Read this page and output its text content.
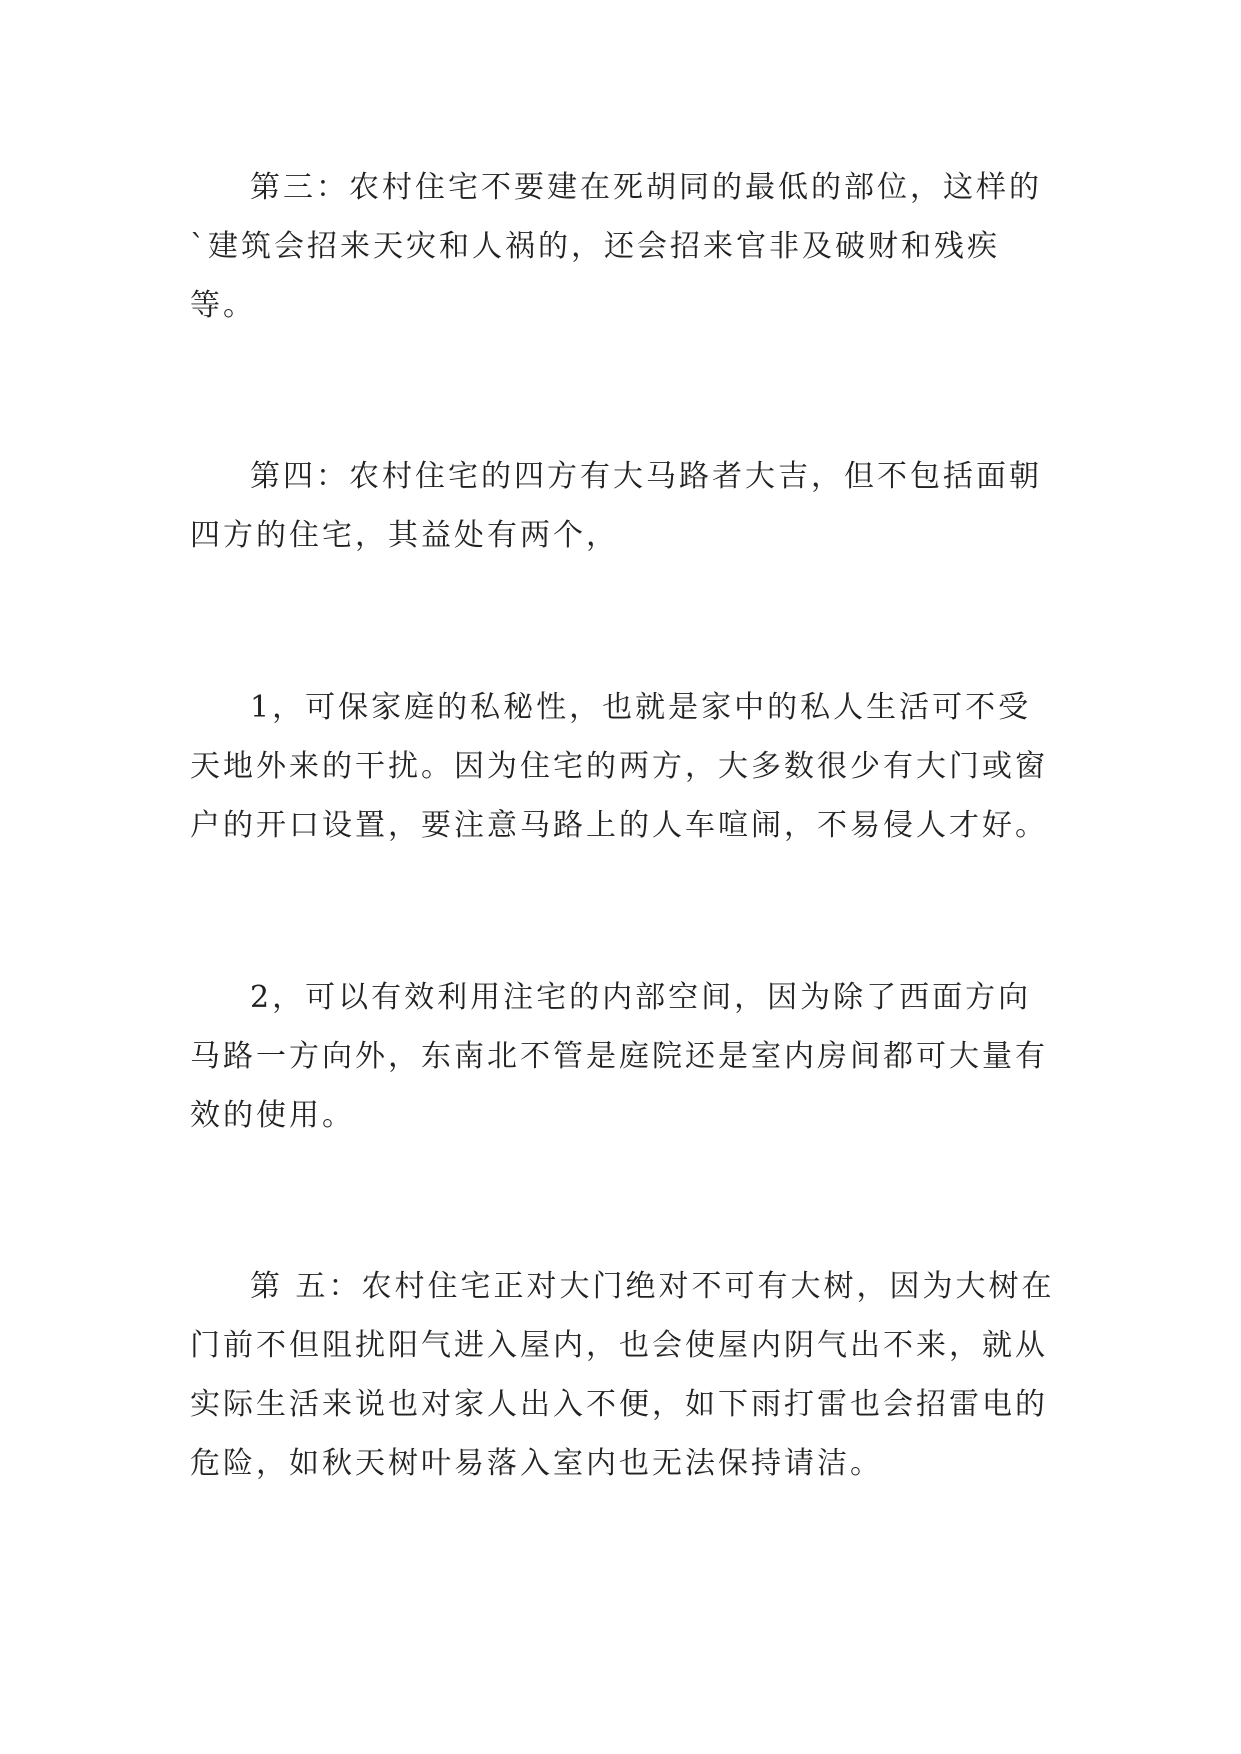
第三：农村住宅不要建在死胡同的最低的部位，这样的`建筑会招来天灾和人祸的，还会招来官非及破财和残疾等。

第四：农村住宅的四方有大马路者大吉，但不包括面朝四方的住宅，其益处有两个，

1，可保家庭的私秘性，也就是家中的私人生活可不受天地外来的干扰。因为住宅的两方，大多数很少有大门或窗户的开口设置，要注意马路上的人车喧闹，不易侵人才好。

2，可以有效利用注宅的内部空间，因为除了西面方向马路一方向外，东南北不管是庭院还是室内房间都可大量有效的使用。

第 五：农村住宅正对大门绝对不可有大树，因为大树在门前不但阻扰阳气进入屋内，也会使屋内阴气出不来，就从实际生活来说也对家人出入不便，如下雨打雷也会招雷电的危险，如秋天树叶易落入室内也无法保持请洁。
